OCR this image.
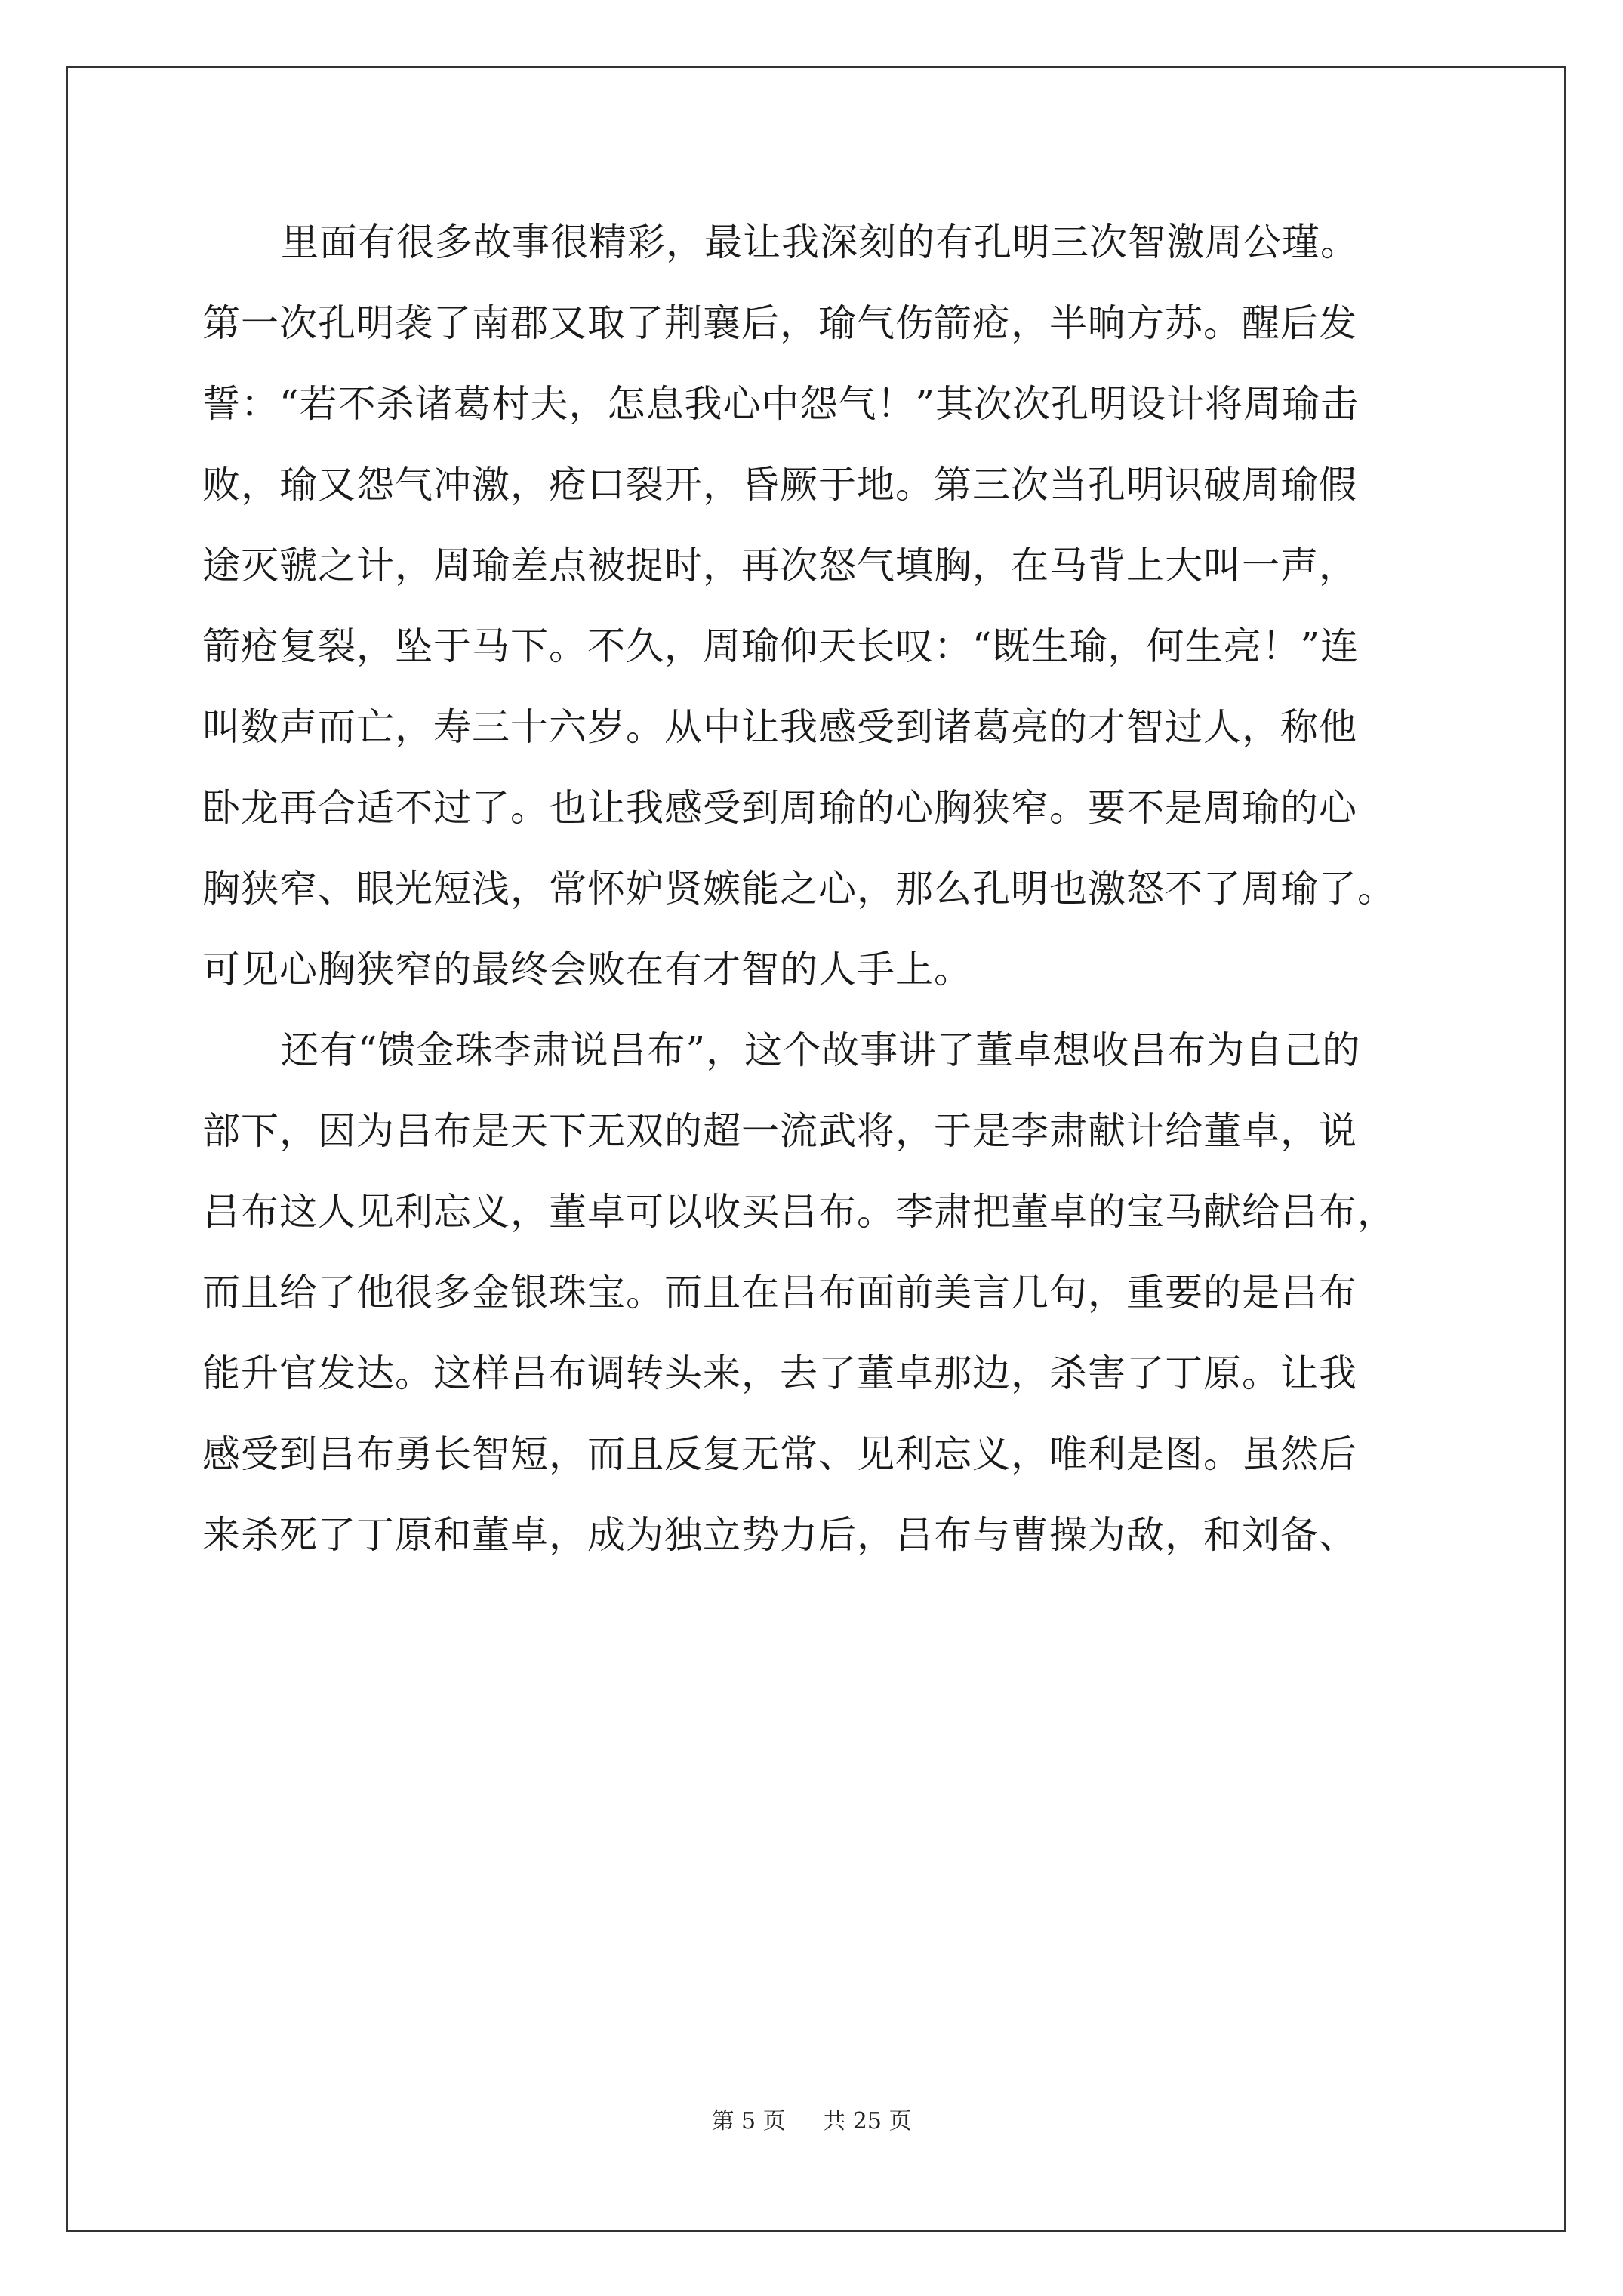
里面有很多故事很精彩，最让我深刻的有孔明三次智激周公瑾。
第一次孔明袭了南郡又取了荆襄后，瑜气伤箭疮，半晌方苏。醒后发
誓：“若不杀诸葛村夫，怎息我心中怨气！”其次次孔明设计将周瑜击
败，瑜又怨气冲激，疮口裂开，昏厥于地。第三次当孔明识破周瑜假
途灭虢之计，周瑜差点被捉时，再次怒气填胸，在马背上大叫一声，
箭疮复裂，坠于马下。不久，周瑜仰天长叹：“既生瑜，何生亮！”连
叫数声而亡，寿三十六岁。从中让我感受到诸葛亮的才智过人，称他
卧龙再合适不过了。也让我感受到周瑜的心胸狭窄。要不是周瑜的心
胸狭窄、眼光短浅，常怀妒贤嫉能之心，那么孔明也激怒不了周瑜了。
可见心胸狭窄的最终会败在有才智的人手上。
还有“馈金珠李肃说吕布”，这个故事讲了董卓想收吕布为自己的
部下，因为吕布是天下无双的超一流武将，于是李肃献计给董卓，说
吕布这人见利忘义，董卓可以收买吕布。李肃把董卓的宝马献给吕布，
而且给了他很多金银珠宝。而且在吕布面前美言几句，重要的是吕布
能升官发达。这样吕布调转头来，去了董卓那边，杀害了丁原。让我
感受到吕布勇长智短，而且反复无常、见利忘义，唯利是图。虽然后
来杀死了丁原和董卓，成为独立势力后，吕布与曹操为敌，和刘备、
第 5 页 共 25 页
